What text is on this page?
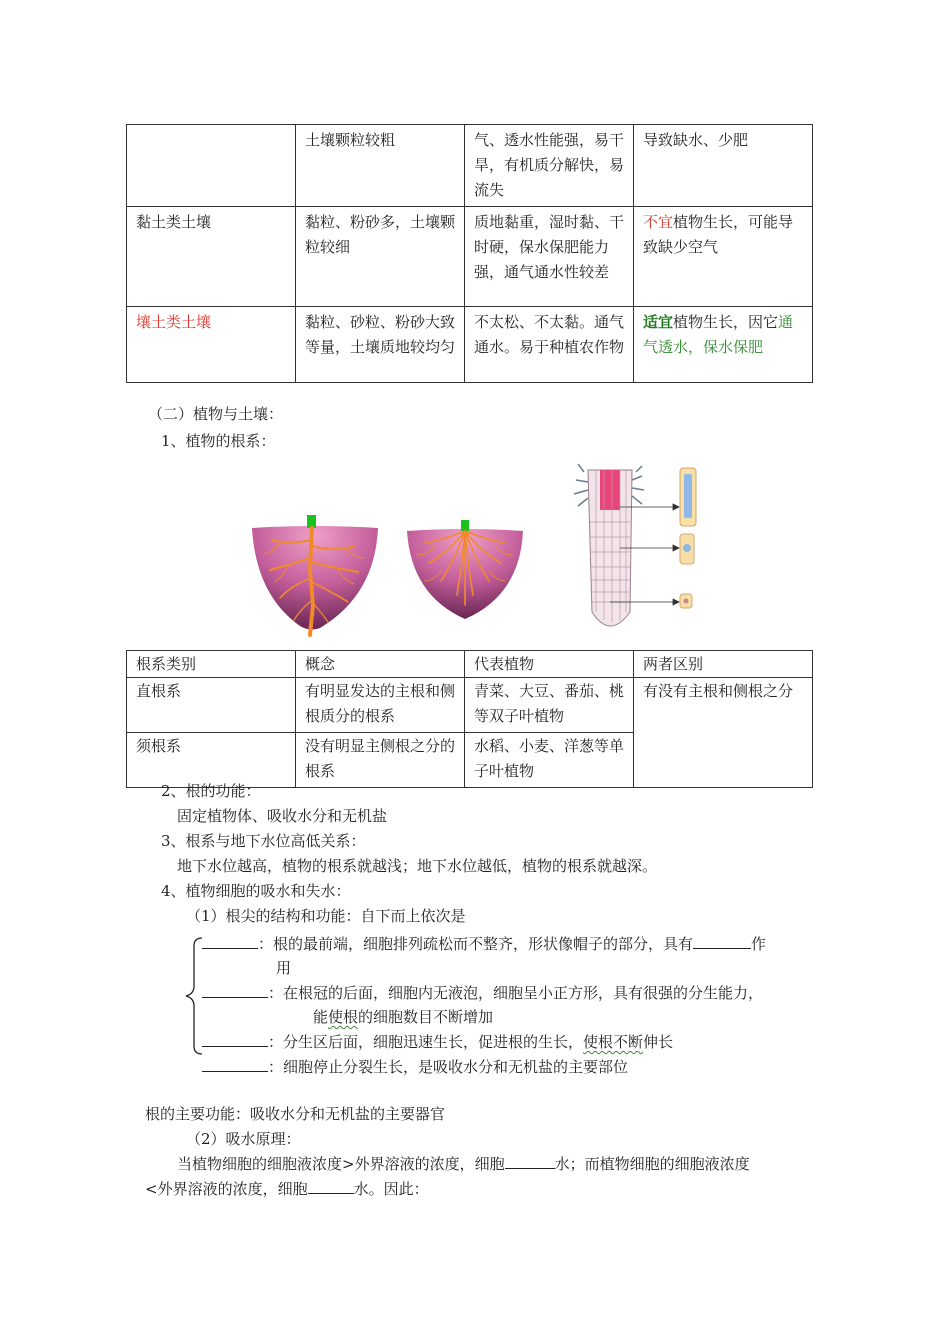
	土壤颗粒较粗	气、透水性能强，易干旱，有机质分解快，易流失	导致缺水、少肥
黏土类土壤	黏粒、粉砂多，土壤颗粒较细	质地黏重，湿时黏、干时硬，保水保肥能力强，通气通水性较差	不宜植物生长，可能导致缺少空气
壤土类土壤	黏粒、砂粒、粉砂大致等量，土壤质地较均匀	不太松、不太黏。通气通水。易于种植农作物	适宜植物生长，因它通气透水，保水保肥
（二）植物与土壤：
1、植物的根系：
根系类别	概念	代表植物	两者区别
直根系	有明显发达的主根和侧根质分的根系	青菜、大豆、番茄、桃等双子叶植物	有没有主根和侧根之分
须根系	没有明显主侧根之分的根系	水稻、小麦、洋葱等单子叶植物	
2、根的功能：
固定植物体、吸收水分和无机盐
3、根系与地下水位高低关系：
地下水位越高，植物的根系就越浅；地下水位越低，植物的根系就越深。
4、植物细胞的吸水和失水：
（1）根尖的结构和功能：自下而上依次是
：根的最前端，细胞排列疏松而不整齐，形状像帽子的部分，具有	作
用
：在根冠的后面，细胞内无液泡，细胞呈小正方形，具有很强的分生能力，
能使根的细胞数目不断增加
：分生区后面，细胞迅速生长，促进根的生长，使根不断伸长
：细胞停止分裂生长，是吸收水分和无机盐的主要部位
根的主要功能：吸收水分和无机盐的主要器官
（2）吸水原理：
当植物细胞的细胞液浓度>外界溶液的浓度，细胞	水；而植物细胞的细胞液浓度
<外界溶液的浓度，细胞	水。因此：
